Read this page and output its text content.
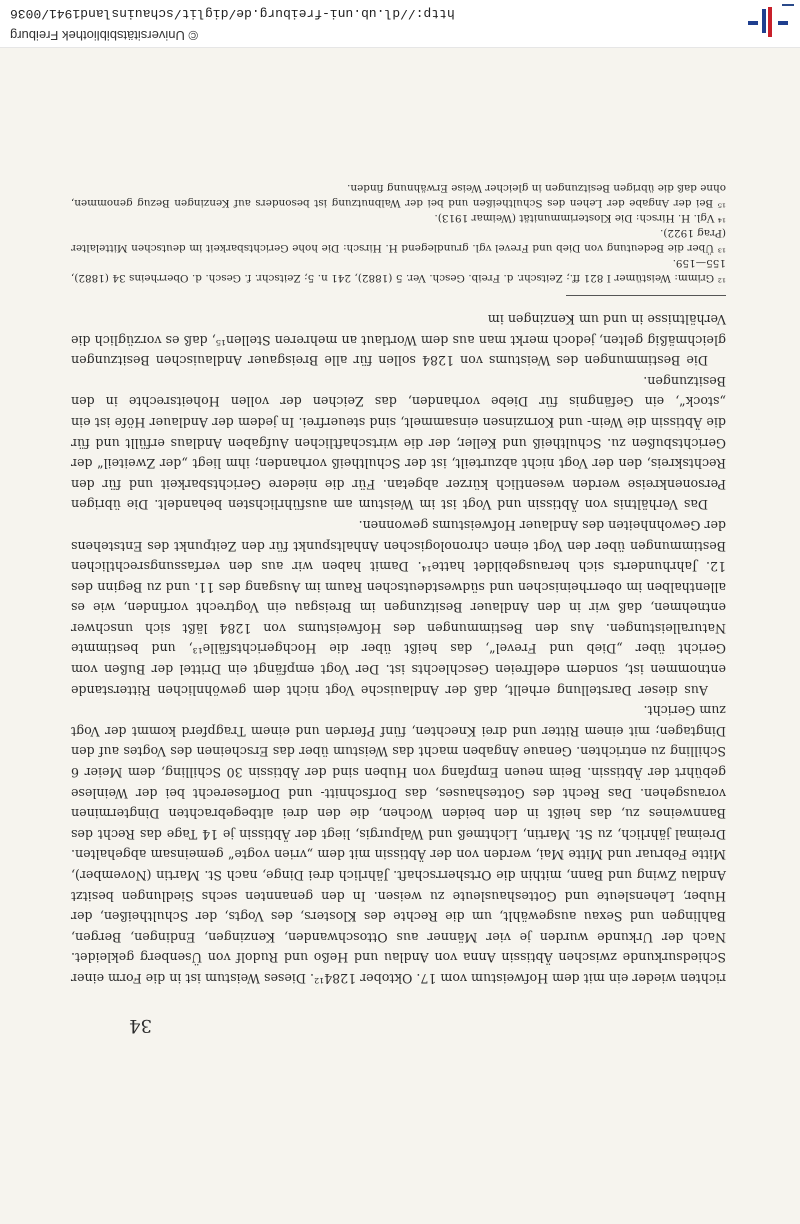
34

richten wieder ein mit dem Hofweistum vom 17. Oktober 1284¹². Dieses Weistum ist in die Form einer Schiedsurkunde zwischen Äbtissin Anna von Andlau und Heßo und Rudolf von Üsenberg gekleidet. Nach der Urkunde wurden je vier Männer aus Ottoschwanden, Kenzingen, Endingen, Bergen, Bahlingen und Sexau ausgewählt, um die Rechte des Klosters, des Vogts, der Schultheißen, der Huber, Lehensleute und Gotteshausleute zu weisen. In den genannten sechs Siedlungen besitzt Andlau Zwing und Bann, mithin die Ortsherrschaft. Jährlich drei Dinge, nach St. Martin (November), Mitte Februar und Mitte Mai, werden von der Äbtissin mit dem „vrien vogte“ gemeinsam abgehalten. Dreimal jährlich, zu St. Martin, Lichtmeß und Walpurgis, liegt der Äbtissin je 14 Tage das Recht des Bannweines zu, das heißt in den beiden Wochen, die den drei altbegebrachten Dingterminen vorausgehen. Das Recht des Gotteshauses, das Dorfschnitt- und Dorfleserecht bei der Weinlese gebührt der Äbtissin. Beim neuen Empfang von Huben sind der Äbtissin 30 Schilling, dem Meier 6 Schilling zu entrichten. Genaue Angaben macht das Weistum über das Erscheinen des Vogtes auf den Dingtagen; mit einem Ritter und drei Knechten, fünf Pferden und einem Tragpferd kommt der Vogt zum Gericht.

Aus dieser Darstellung erhellt, daß der Andlauische Vogt nicht dem gewöhnlichen Ritterstande entnommen ist, sondern edelfreien Geschlechts ist. Der Vogt empfängt ein Drittel der Bußen vom Gericht über „Dieb und Frevel“, das heißt über die Hochgerichtsfälle¹³, und bestimmte Naturalleistungen. Aus den Bestimmungen des Hofweistums von 1284 läßt sich unschwer entnehmen, daß wir in den Andlauer Besitzungen im Breisgau ein Vogtrecht vorfinden, wie es allenthalben im oberrheinischen und südwestdeutschen Raum im Ausgang des 11. und zu Beginn des 12. Jahrhunderts sich herausgebildet hatte¹⁴. Damit haben wir aus den verfassungsrechtlichen Bestimmungen über den Vogt einen chronologischen Anhaltspunkt für den Zeitpunkt des Entstehens der Gewohnheiten des Andlauer Hofweistums gewonnen.

Das Verhältnis von Äbtissin und Vogt ist im Weistum am ausführlichsten behandelt. Die übrigen Personenkreise werden wesentlich kürzer abgetan. Für die niedere Gerichtsbarkeit und für den Rechtskreis, den der Vogt nicht abzurteilt, ist der Schultheiß vorhanden; ihm liegt „der Zweiteil“ der Gerichtsbußen zu. Schultheiß und Keller, der die wirtschaftlichen Aufgaben Andlaus erfüllt und für die Äbtissin die Wein- und Kornzinsen einsammelt, sind steuerfrei. In jedem der Andlauer Höfe ist ein „stock“, ein Gefängnis für Diebe vorhanden, das Zeichen der vollen Hoheitsrechte in den Besitzungen.

Die Bestimmungen des Weistums von 1284 sollen für alle Breisgauer Andlauischen Besitzungen gleichmäßig gelten, jedoch merkt man aus dem Wortlaut an mehreren Stellen¹⁵, daß es vorzüglich die Verhältnisse in und um Kenzingen im

¹² Grimm: Weistümer I 821 ff.; Zeitschr. d. Freib. Gesch. Ver. 5 (1882), 241 n. 5; Zeitschr. f. Gesch. d. Oberrheins 34 (1882), 155—159.

¹³ Über die Bedeutung von Dieb und Frevel vgl. grundlegend H. Hirsch: Die hohe Gerichtsbarkeit im deutschen Mittelalter (Prag 1922).

¹⁴ Vgl. H. Hirsch: Die Klosterimmunität (Weimar 1913).

¹⁵ Bei der Angabe der Lehen des Schultheißen und bei der Walbnutzung ist besonders auf Kenzingen Bezug genommen, ohne daß die übrigen Besitzungen in gleicher Weise Erwähnung finden.

© Universitätsbibliothek Freiburg
http://dl.ub.uni-freiburg.de/diglit/schauinsland1941/0036
